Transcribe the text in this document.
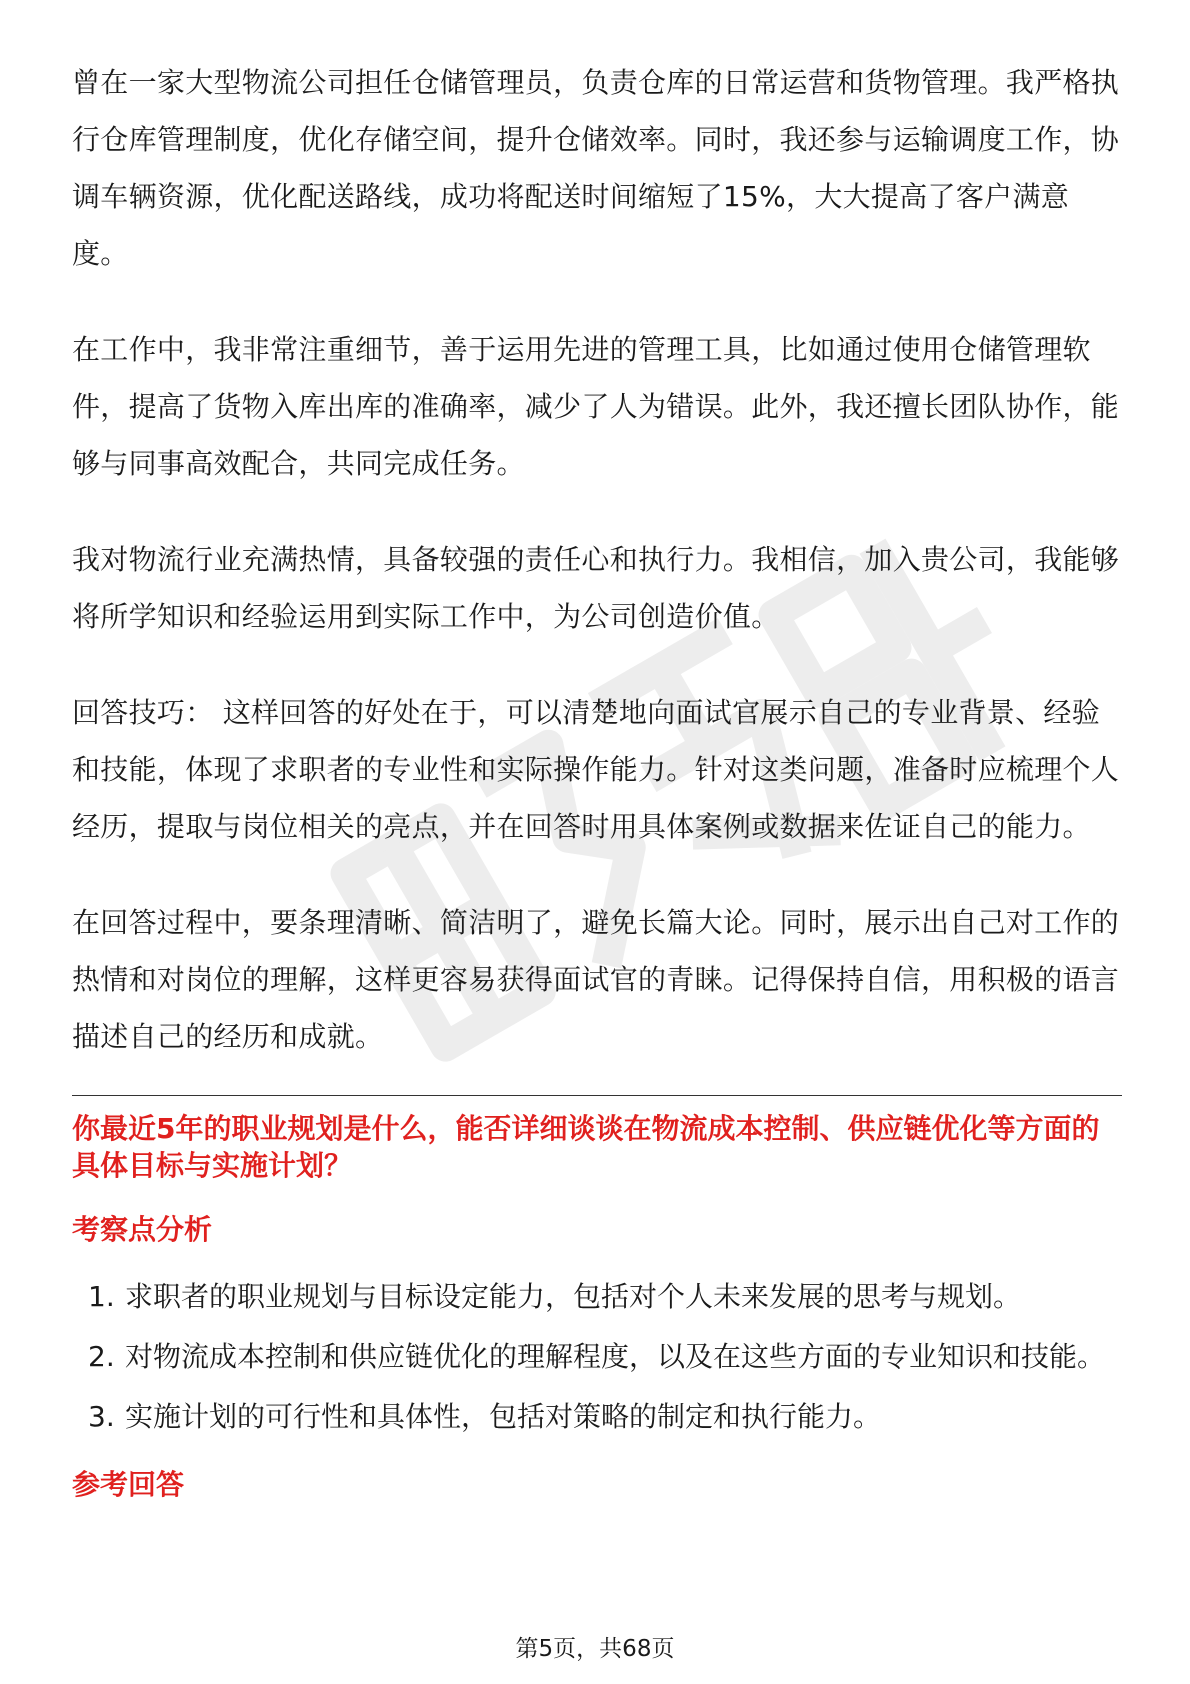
曾在一家大型物流公司担任仓储管理员，负责仓库的日常运营和货物管理。我严格执行仓库管理制度，优化存储空间，提升仓储效率。同时，我还参与运输调度工作，协调车辆资源，优化配送路线，成功将配送时间缩短了15%，大大提高了客户满意度。

在工作中，我非常注重细节，善于运用先进的管理工具，比如通过使用仓储管理软件，提高了货物入库出库的准确率，减少了人为错误。此外，我还擅长团队协作，能够与同事高效配合，共同完成任务。

我对物流行业充满热情，具备较强的责任心和执行力。我相信，加入贵公司，我能够将所学知识和经验运用到实际工作中，为公司创造价值。

回答技巧： 这样回答的好处在于，可以清楚地向面试官展示自己的专业背景、经验和技能，体现了求职者的专业性和实际操作能力。针对这类问题，准备时应梳理个人经历，提取与岗位相关的亮点，并在回答时用具体案例或数据来佐证自己的能力。

在回答过程中，要条理清晰、简洁明了，避免长篇大论。同时，展示出自己对工作的热情和对岗位的理解，这样更容易获得面试官的青睐。记得保持自信，用积极的语言描述自己的经历和成就。

你最近5年的职业规划是什么，能否详细谈谈在物流成本控制、供应链优化等方面的具体目标与实施计划？

考察点分析
1. 求职者的职业规划与目标设定能力，包括对个人未来发展的思考与规划。
2. 对物流成本控制和供应链优化的理解程度，以及在这些方面的专业知识和技能。
3. 实施计划的可行性和具体性，包括对策略的制定和执行能力。
参考回答
第5页，共68页
